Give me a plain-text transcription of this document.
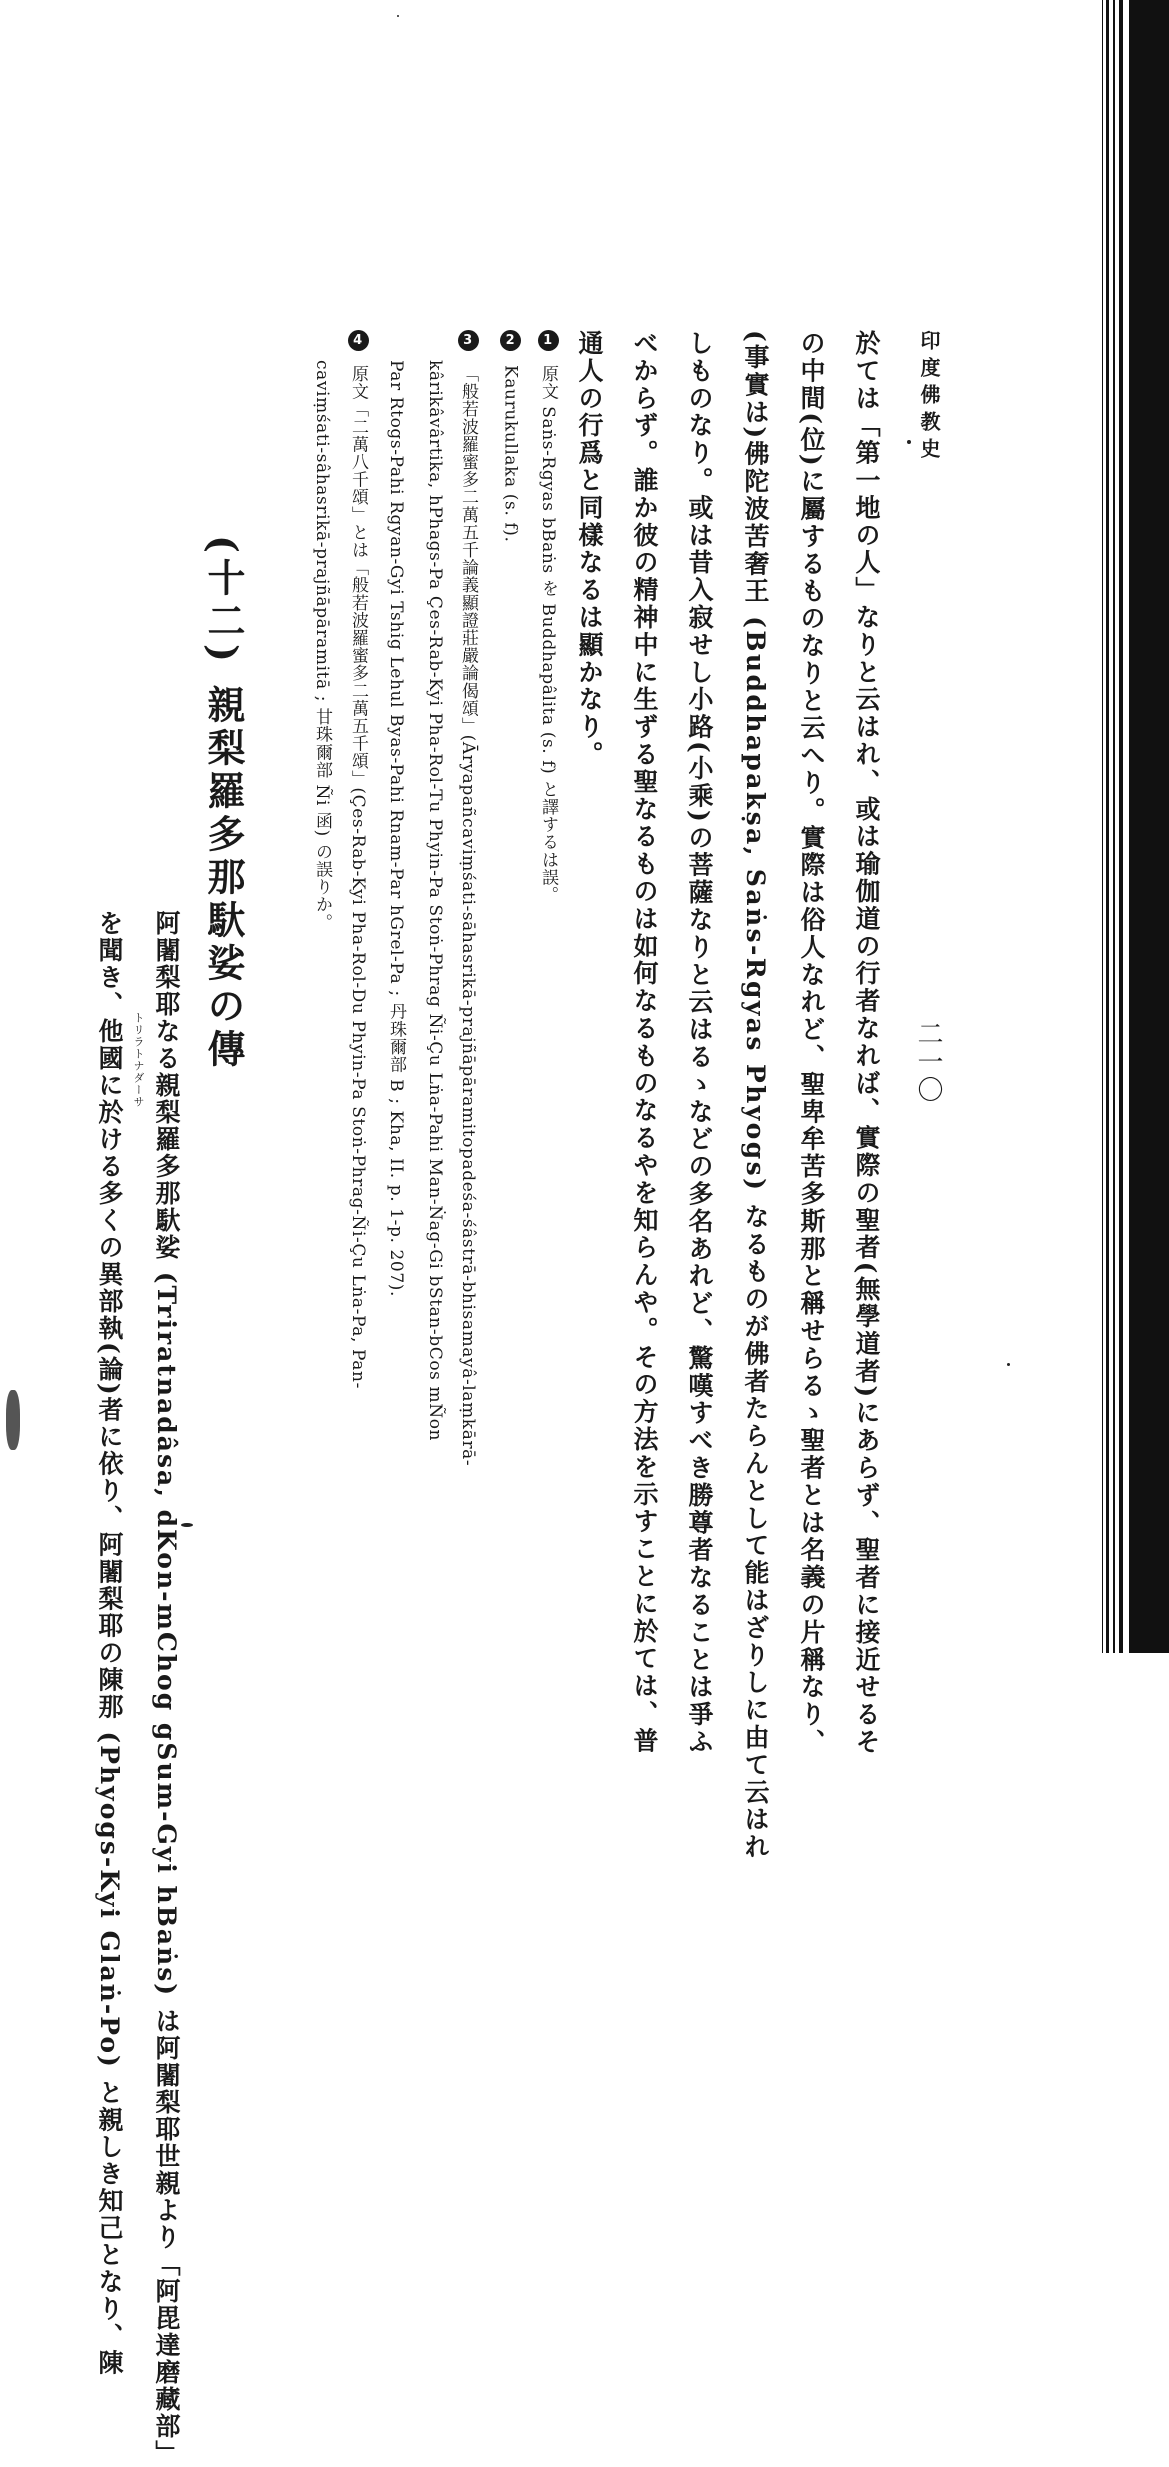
印度佛教史
二一〇
於ては「第一地の人」なりと云はれ、或は瑜伽道の行者なれば、實際の聖者(無學道者)にあらず、聖者に接近せるそ
の中間(位)に屬するものなりと云へり。實際は俗人なれど、聖卑牟苦多斯那と稱せらるゝ聖者とは名義の片稱なり、
(事實は)佛陀波苦奢王 (Buddhapakṣa, Saṅs-Rgyas Phyogs) なるものが佛者たらんとして能はざりしに由て云はれ
しものなり。或は昔入寂せし小路(小乘)の菩薩なりと云はるゝなどの多名あれど、驚嘆すべき勝尊者なることは爭ふ
べからず。誰か彼の精神中に生ずる聖なるものは如何なるものなるやを知らんや。その方法を示すことに於ては、普
通人の行爲と同樣なるは顯かなり。
1 原文 Saṅs-Rgyas bBaṅs を Buddhapâlita (s. f) と譯するは誤。
2 Kaurukullaka (s. f).
3 「般若波羅蜜多二萬五千論義顯證莊嚴論偈頌」(Āryapañcaviṃśati-sāhasrikā-prajñāpāramitopadeśa-śâstrā-bhisamayâ-laṃkārā-
kârikâvârtika, hPhags-Pa Çes-Rab-Kyi Pha-Rol-Tu Phyin-Pa Stoṅ-Phrag Ñi-Çu Lṅa-Pahi Man-Ṅag-Gi bStan-bCos mÑon
Par Rtogs-Pahi Rgyan-Gyi Tshig Lehul Byas-Pahi Rnam-Par hGrel-Pa ; 丹珠爾部 B ; Kha, II. p. 1-p. 207).
4 原文「二萬八千頌」とは「般若波羅蜜多二萬五千頌」(Çes-Rab-Kyi Pha-Rol-Du Phyin-Pa Stoṅ-Phrag-Ñi-Çu Lṅa-Pa, Pan-
caviṃśati-sâhasrikā-prajñāpāramitā ; 甘珠爾部 Ñi 函) の誤りか。
(十二) 親梨羅多那馱娑の傳
トリラトナダーサ 阿闍梨耶なる親梨羅多那馱娑 (Triratnadâsa, dKon-mChog gSum-Gyi hBaṅs) は阿闍梨耶世親より「阿毘達磨藏部」
を聞き、他國に於ける多くの異部執(論)者に依り、阿闍梨耶の陳那 (Phyogs-Kyi Glaṅ-Po) と親しき知己となり、陳
